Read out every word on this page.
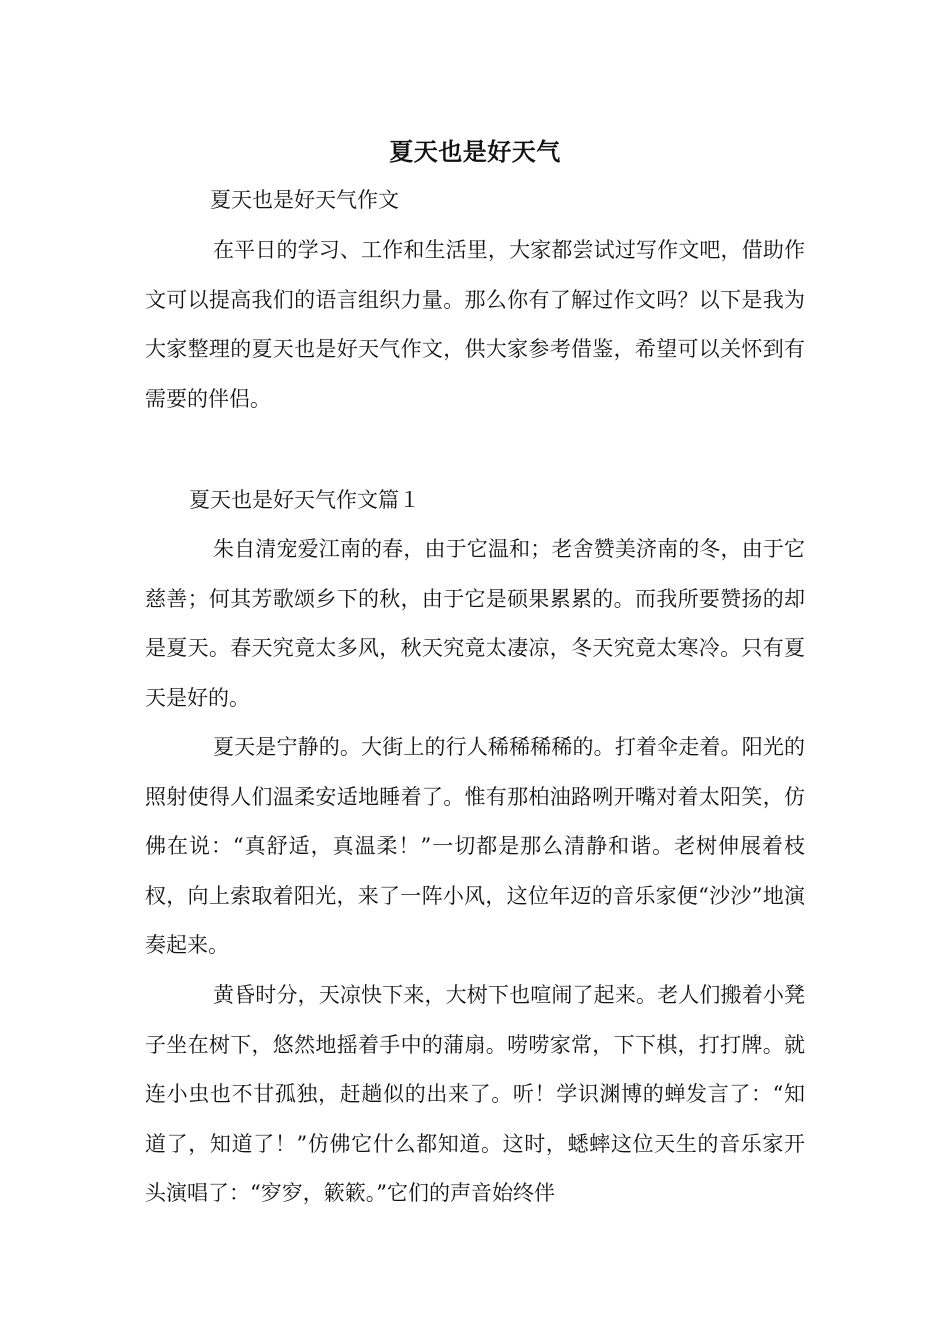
夏天也是好天气
夏天也是好天气作文

在平日的学习、工作和生活里，大家都尝试过写作文吧，借助作文可以提高我们的语言组织力量。那么你有了解过作文吗？以下是我为大家整理的夏天也是好天气作文，供大家参考借鉴，希望可以关怀到有需要的伴侣。

夏天也是好天气作文篇１

朱自清宠爱江南的春，由于它温和；老舍赞美济南的冬，由于它慈善；何其芳歌颂乡下的秋，由于它是硕果累累的。而我所要赞扬的却是夏天。春天究竟太多风，秋天究竟太凄凉，冬天究竟太寒冷。只有夏天是好的。

夏天是宁静的。大街上的行人稀稀稀稀的。打着伞走着。阳光的照射使得人们温柔安适地睡着了。惟有那柏油路咧开嘴对着太阳笑，仿佛在说：“真舒适，真温柔！”一切都是那么清静和谐。老树伸展着枝杈，向上索取着阳光，来了一阵小风，这位年迈的音乐家便“沙沙”地演奏起来。

黄昏时分，天凉快下来，大树下也喧闹了起来。老人们搬着小凳子坐在树下，悠然地摇着手中的蒲扇。唠唠家常，下下棋，打打牌。就连小虫也不甘孤独，赶趟似的出来了。听！学识渊博的蝉发言了：“知道了，知道了！”仿佛它什么都知道。这时，蟋蟀这位天生的音乐家开头演唱了：“穸穸，簌簌。”它们的声音始终伴
